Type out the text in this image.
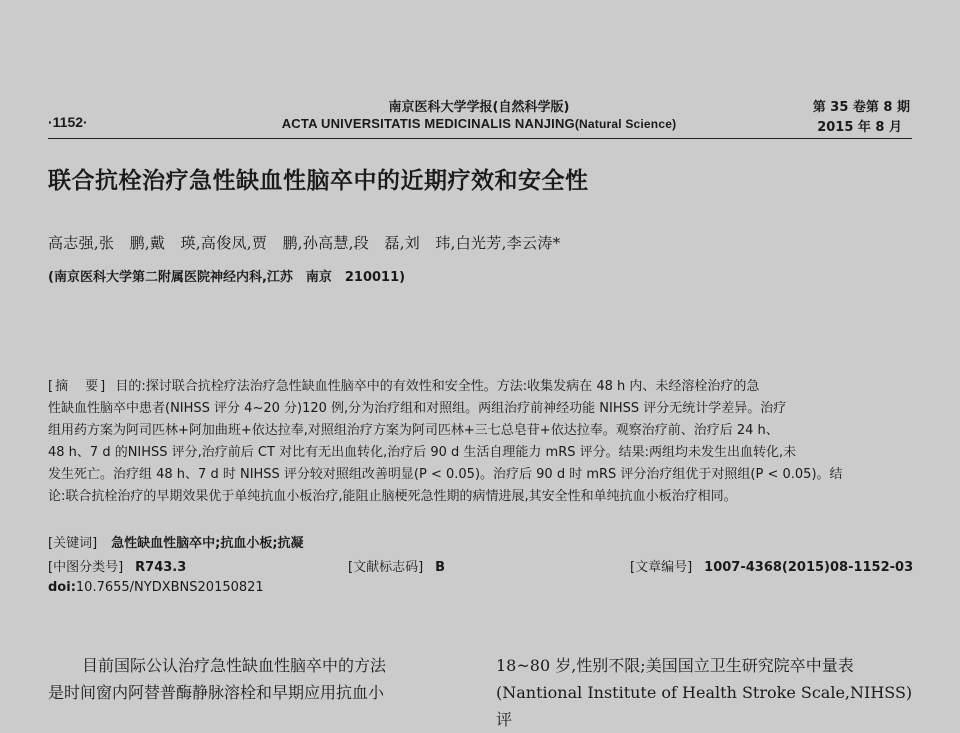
·1152·
南京医科大学学报(自然科学版)
ACTA UNIVERSITATIS MEDICINALIS NANJING(Natural Science)
第 35 卷第 8 期
2015 年 8 月
联合抗栓治疗急性缺血性脑卒中的近期疗效和安全性
高志强,张　鹏,戴　瑛,高俊凤,贾　鹏,孙高慧,段　磊,刘　玮,白光芳,李云涛*
(南京医科大学第二附属医院神经内科,江苏　南京　210011)
[摘　要] 目的:探讨联合抗栓疗法治疗急性缺血性脑卒中的有效性和安全性。方法:收集发病在 48 h 内、未经溶栓治疗的急
性缺血性脑卒中患者(NIHSS 评分 4~20 分)120 例,分为治疗组和对照组。两组治疗前神经功能 NIHSS 评分无统计学差异。治疗
组用药方案为阿司匹林+阿加曲班+依达拉奉,对照组治疗方案为阿司匹林+三七总皂苷+依达拉奉。观察治疗前、治疗后 24 h、
48 h、7 d 的NIHSS 评分,治疗前后 CT 对比有无出血转化,治疗后 90 d 生活自理能力 mRS 评分。结果:两组均未发生出血转化,未
发生死亡。治疗组 48 h、7 d 时 NIHSS 评分较对照组改善明显(P < 0.05)。治疗后 90 d 时 mRS 评分治疗组优于对照组(P < 0.05)。结
论:联合抗栓治疗的早期效果优于单纯抗血小板治疗,能阻止脑梗死急性期的病情进展,其安全性和单纯抗血小板治疗相同。
[关键词] 急性缺血性脑卒中;抗血小板;抗凝
[中图分类号] R743.3	[文献标志码] B	[文章编号] 1007-4368(2015)08-1152-03
doi:10.7655/NYDXBNS20150821
目前国际公认治疗急性缺血性脑卒中的方法
是时间窗内阿替普酶静脉溶栓和早期应用抗血小
18~80 岁,性别不限;美国国立卫生研究院卒中量表
(Nantional Institute of Health Stroke Scale,NIHSS)评
